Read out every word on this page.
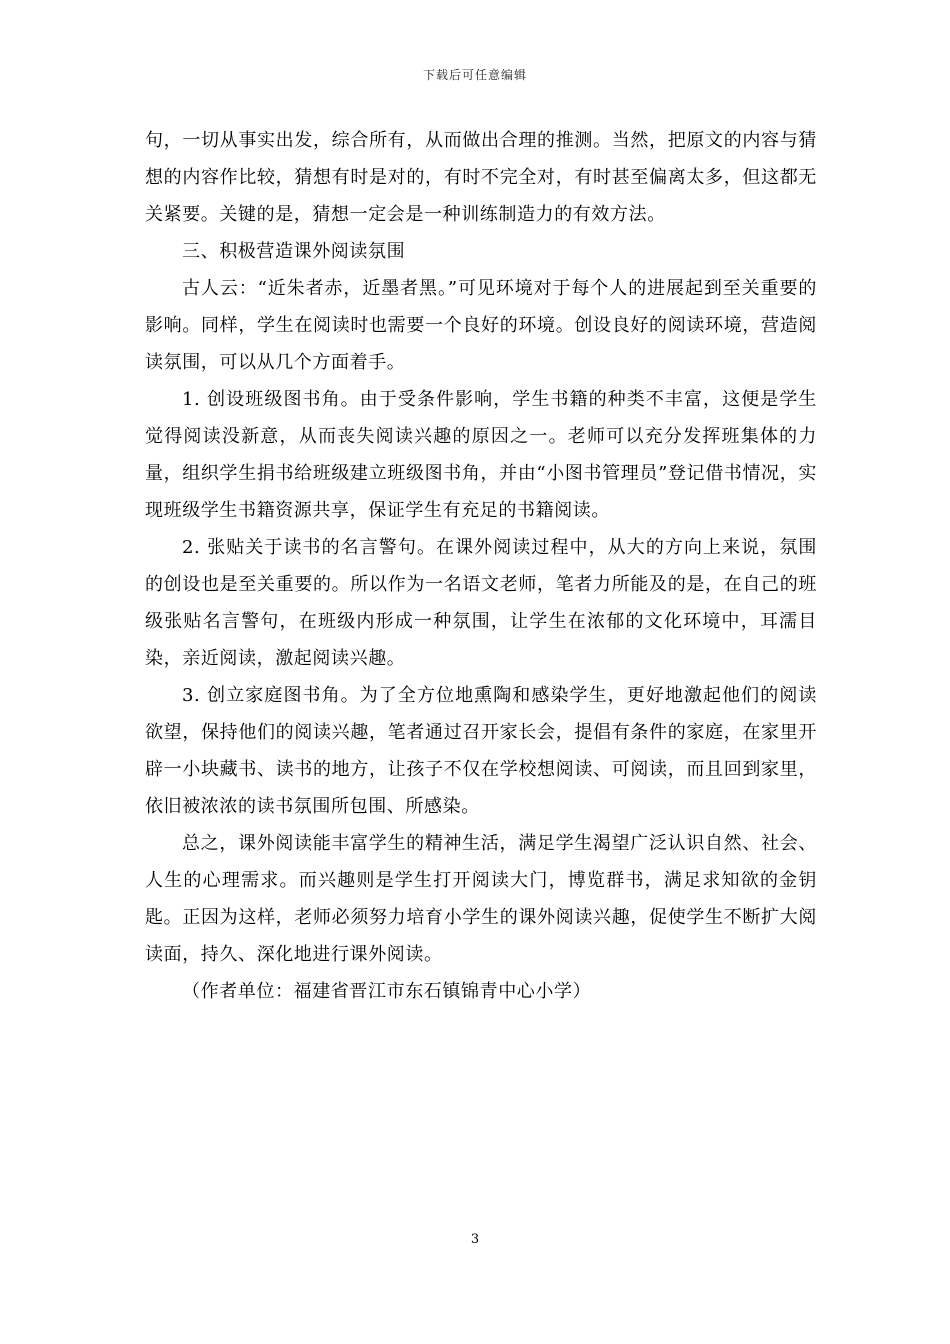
下载后可任意编辑

句，一切从事实出发，综合所有，从而做出合理的推测。当然，把原文的内容与猜想的内容作比较，猜想有时是对的，有时不完全对，有时甚至偏离太多，但这都无关紧要。关键的是，猜想一定会是一种训练制造力的有效方法。

三、积极营造课外阅读氛围

古人云：“近朱者赤，近墨者黑。”可见环境对于每个人的进展起到至关重要的影响。同样，学生在阅读时也需要一个良好的环境。创设良好的阅读环境，营造阅读氛围，可以从几个方面着手。

1. 创设班级图书角。由于受条件影响，学生书籍的种类不丰富，这便是学生觉得阅读没新意，从而丧失阅读兴趣的原因之一。老师可以充分发挥班集体的力量，组织学生捐书给班级建立班级图书角，并由“小图书管理员”登记借书情况，实现班级学生书籍资源共享，保证学生有充足的书籍阅读。

2. 张贴关于读书的名言警句。在课外阅读过程中，从大的方向上来说，氛围的创设也是至关重要的。所以作为一名语文老师，笔者力所能及的是，在自己的班级张贴名言警句，在班级内形成一种氛围，让学生在浓郁的文化环境中，耳濡目染，亲近阅读，激起阅读兴趣。

3. 创立家庭图书角。为了全方位地熏陶和感染学生，更好地激起他们的阅读欲望，保持他们的阅读兴趣，笔者通过召开家长会，提倡有条件的家庭，在家里开辟一小块藏书、读书的地方，让孩子不仅在学校想阅读、可阅读，而且回到家里，依旧被浓浓的读书氛围所包围、所感染。

总之，课外阅读能丰富学生的精神生活，满足学生渴望广泛认识自然、社会、人生的心理需求。而兴趣则是学生打开阅读大门，博览群书，满足求知欲的金钥匙。正因为这样，老师必须努力培育小学生的课外阅读兴趣，促使学生不断扩大阅读面，持久、深化地进行课外阅读。

（作者单位：福建省晋江市东石镇锦青中心小学）

3
